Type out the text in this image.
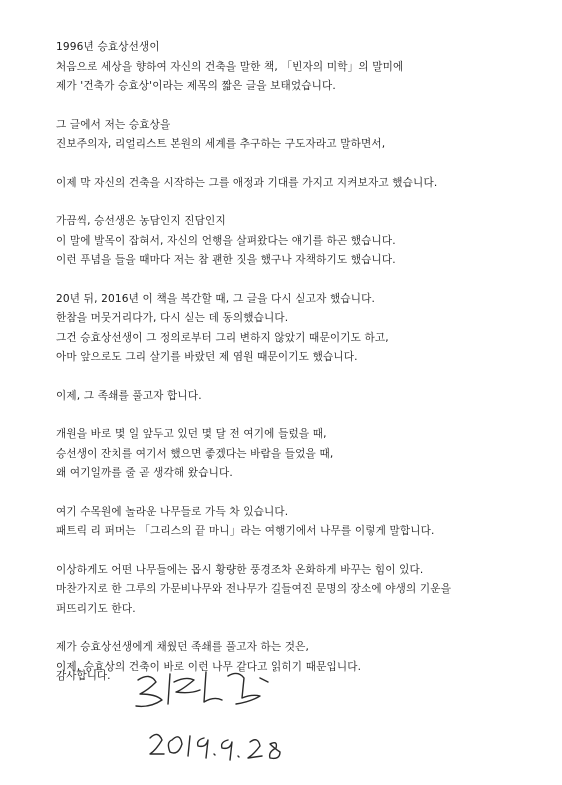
1996년 승효상선생이
처음으로 세상을 향하여 자신의 건축을 말한 책, 「빈자의 미학」의 말미에
제가 '건축가 승효상'이라는 제목의 짧은 글을 보태었습니다.
그 글에서 저는 승효상을
진보주의자, 리얼리스트 본원의 세계를 추구하는 구도자라고 말하면서,
이제 막 자신의 건축을 시작하는 그를 애정과 기대를 가지고 지켜보자고 했습니다.
가끔씩, 승선생은 농담인지 진담인지
이 말에 발목이 잡혀서, 자신의 언행을 살펴왔다는 얘기를 하곤 했습니다.
이런 푸념을 들을 때마다 저는 참 괜한 짓을 했구나 자책하기도 했습니다.
20년 뒤, 2016년 이 책을 복간할 때, 그 글을 다시 싣고자 했습니다.
한참을 머뭇거리다가, 다시 싣는 데 동의했습니다.
그건 승효상선생이 그 정의로부터 그리 변하지 않았기 때문이기도 하고,
아마 앞으로도 그리 살기를 바랐던 제 염원 때문이기도 했습니다.
이제, 그 족쇄를 풀고자 합니다.
개원을 바로 몇 일 앞두고 있던 몇 달 전 여기에 들렀을 때,
승선생이 잔치를 여기서 했으면 좋겠다는 바람을 들었을 때,
왜 여기일까를 줄 곧 생각해 왔습니다.
여기 수목원에 놀라운 나무들로 가득 차 있습니다.
패트릭 리 퍼머는 「그리스의 끝 마니」라는 여행기에서 나무를 이렇게 말합니다.
이상하게도 어떤 나무들에는 몹시 황량한 풍경조차 온화하게 바꾸는 힘이 있다.
마찬가지로 한 그루의 가문비나무와 전나무가 길들여진 문명의 장소에 야생의 기운을
퍼뜨리기도 한다.
제가 승효상선생에게 채웠던 족쇄를 풀고자 하는 것은,
이제, 승효상의 건축이 바로 이런 나무 같다고 읽히기 때문입니다.
감사합니다.
